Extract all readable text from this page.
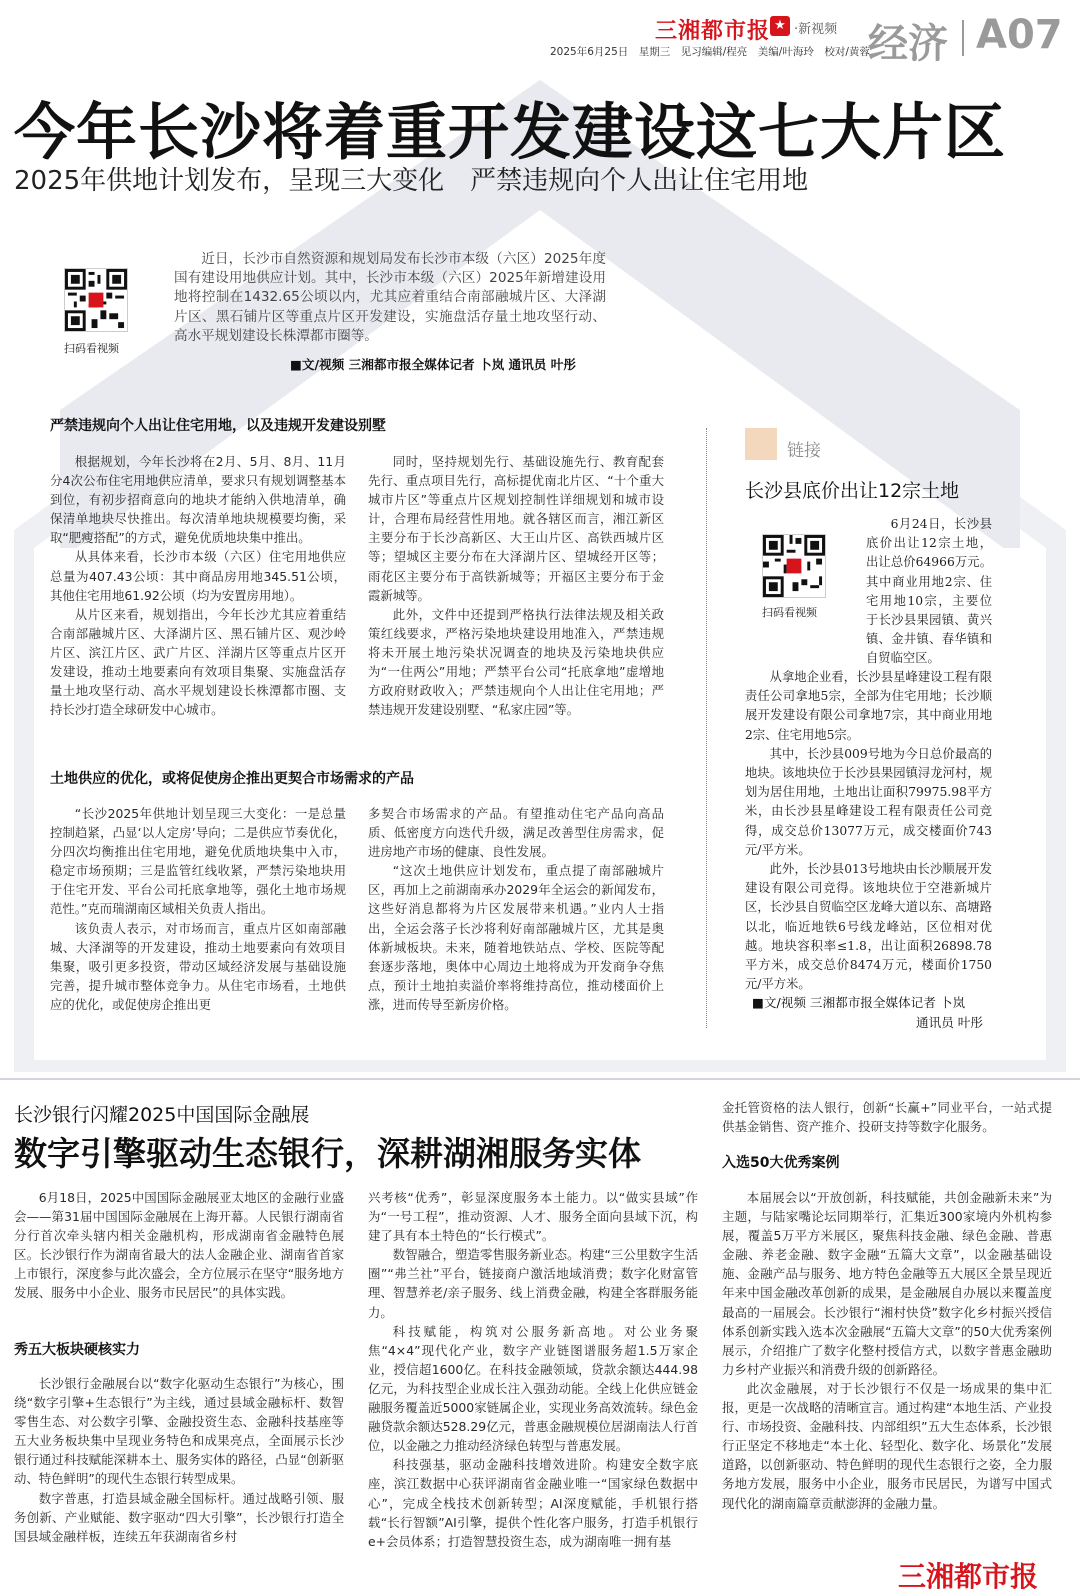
三湘都市报 ★ ·新视频 经济 A07
2025年6月25日　星期三　见习编辑/程亮　美编/叶海玲　校对/黄蓉
今年长沙将着重开发建设这七大片区
2025年供地计划发布，呈现三大变化　严禁违规向个人出让住宅用地
扫码看视频
近日，长沙市自然资源和规划局发布长沙市本级（六区）2025年度国有建设用地供应计划。其中，长沙市本级（六区）2025年新增建设用地将控制在1432.65公顷以内，尤其应着重结合南部融城片区、大泽湖片区、黑石铺片区等重点片区开发建设，实施盘活存量土地攻坚行动、高水平规划建设长株潭都市圈等。
■文/视频 三湘都市报全媒体记者 卜岚 通讯员 叶彤
严禁违规向个人出让住宅用地，以及违规开发建设别墅

根据规划，今年长沙将在2月、5月、8月、11月分4次公布住宅用地供应清单，要求只有规划调整基本到位，有初步招商意向的地块才能纳入供地清单，确保清单地块尽快推出。每次清单地块规模要均衡，采取“肥瘦搭配”的方式，避免优质地块集中推出。

从具体来看，长沙市本级（六区）住宅用地供应总量为407.43公顷：其中商品房用地345.51公顷，其他住宅用地61.92公顷（均为安置房用地）。

从片区来看，规划指出，今年长沙尤其应着重结合南部融城片区、大泽湖片区、黑石铺片区、观沙岭片区、滨江片区、武广片区、洋湖片区等重点片区开发建设，推动土地要素向有效项目集聚、实施盘活存量土地攻坚行动、高水平规划建设长株潭都市圈、支持长沙打造全球研发中心城市。

同时，坚持规划先行、基础设施先行、教育配套先行、重点项目先行，高标提优南北片区、“十个重大城市片区”等重点片区规划控制性详细规划和城市设计，合理布局经营性用地。就各辖区而言，湘江新区主要分布于长沙高新区、大王山片区、高铁西城片区等；望城区主要分布在大泽湖片区、望城经开区等；雨花区主要分布于高铁新城等；开福区主要分布于金霞新城等。

此外，文件中还提到严格执行法律法规及相关政策红线要求，严格污染地块建设用地准入，严禁违规将未开展土地污染状况调查的地块及污染地块供应为“一住两公”用地；严禁平台公司“托底拿地”虚增地方政府财政收入；严禁违规向个人出让住宅用地；严禁违规开发建设别墅、“私家庄园”等。

土地供应的优化，或将促使房企推出更契合市场需求的产品

“长沙2025年供地计划呈现三大变化：一是总量控制趋紧，凸显‘以人定房’导向；二是供应节奏优化，分四次均衡推出住宅用地，避免优质地块集中入市，稳定市场预期；三是监管红线收紧，严禁污染地块用于住宅开发、平台公司托底拿地等，强化土地市场规范性。”克而瑞湖南区域相关负责人指出。

该负责人表示，对市场而言，重点片区如南部融城、大泽湖等的开发建设，推动土地要素向有效项目集聚，吸引更多投资，带动区域经济发展与基础设施完善，提升城市整体竞争力。从住宅市场看，土地供应的优化，或促使房企推出更

多契合市场需求的产品。有望推动住宅产品向高品质、低密度方向迭代升级，满足改善型住房需求，促进房地产市场的健康、良性发展。

“这次土地供应计划发布，重点提了南部融城片区，再加上之前湖南承办2029年全运会的新闻发布，这些好消息都将为片区发展带来机遇。”业内人士指出，全运会落子长沙将利好南部融城片区，尤其是奥体新城板块。未来，随着地铁站点、学校、医院等配套逐步落地，奥体中心周边土地将成为开发商争夺焦点，预计土地拍卖溢价率将维持高位，推动楼面价上涨，进而传导至新房价格。

链接
长沙县底价出让12宗土地
扫码看视频

6月24日，长沙县底价出让12宗土地，出让总价64966万元。其中商业用地2宗、住宅用地10宗，主要位于长沙县果园镇、黄兴镇、金井镇、春华镇和自贸临空区。

从拿地企业看，长沙县星峰建设工程有限责任公司拿地5宗，全部为住宅用地；长沙顺展开发建设有限公司拿地7宗，其中商业用地2宗、住宅用地5宗。

其中，长沙县009号地为今日总价最高的地块。该地块位于长沙县果园镇浔龙河村，规划为居住用地，土地出让面积79975.98平方米，由长沙县星峰建设工程有限责任公司竞得，成交总价13077万元，成交楼面价743元/平方米。

此外，长沙县013号地块由长沙顺展开发建设有限公司竞得。该地块位于空港新城片区，长沙县自贸临空区龙峰大道以东、高塘路以北，临近地铁6号线龙峰站，区位相对优越。地块容积率≤1.8，出让面积26898.78平方米，成交总价8474万元，楼面价1750元/平方米。

■文/视频 三湘都市报全媒体记者 卜岚
通讯员 叶彤
长沙银行闪耀2025中国国际金融展
数字引擎驱动生态银行，深耕湖湘服务实体

6月18日，2025中国国际金融展亚太地区的金融行业盛会——第31届中国国际金融展在上海开幕。人民银行湖南省分行首次牵头辖内相关金融机构，形成湖南省金融特色展区。长沙银行作为湖南省最大的法人金融企业、湖南省首家上市银行，深度参与此次盛会，全方位展示在坚守“服务地方发展、服务中小企业、服务市民居民”的具体实践。

秀五大板块硬核实力

长沙银行金融展台以“数字化驱动生态银行”为核心，围绕“数字引擎+生态银行”为主线，通过县域金融标杆、数智零售生态、对公数字引擎、金融投资生态、金融科技基座等五大业务板块集中呈现业务特色和成果亮点，全面展示长沙银行通过科技赋能深耕本土、服务实体的路径，凸显“创新驱动、特色鲜明”的现代生态银行转型成果。

数字普惠，打造县域金融全国标杆。通过战略引领、服务创新、产业赋能、数字驱动“四大引擎”，长沙银行打造全国县域金融样板，连续五年获湖南省乡村

兴考核“优秀”，彰显深度服务本土能力。以“做实县域”作为“一号工程”，推动资源、人才、服务全面向县域下沉，构建了具有本土特色的“长行模式”。

数智融合，塑造零售服务新业态。构建“三公里数字生活圈”“弗兰社”平台，链接商户激活地域消费；数字化财富管理、智慧养老/亲子服务、线上消费金融，构建全客群服务能力。

科技赋能，构筑对公服务新高地。对公业务聚焦“4×4”现代化产业，数字产业链图谱服务超1.5万家企业，授信超1600亿。在科技金融领域，贷款余额达444.98亿元，为科技型企业成长注入强劲动能。全线上化供应链金融服务覆盖近5000家链属企业，实现业务高效流转。绿色金融贷款余额达528.29亿元，普惠金融规模位居湖南法人行首位，以金融之力推动经济绿色转型与普惠发展。

科技强基，驱动金融科技增效进阶。构建安全数字底座，滨江数据中心获评湖南省金融业唯一“国家绿色数据中心”，完成全栈技术创新转型；AI深度赋能，手机银行搭载“长行智额”AI引擎，提供个性化客户服务，打造手机银行e+会员体系；打造智慧投资生态，成为湖南唯一拥有基

金托管资格的法人银行，创新“长赢+”同业平台，一站式提供基金销售、资产推介、投研支持等数字化服务。

入选50大优秀案例

本届展会以“开放创新，科技赋能，共创金融新未来”为主题，与陆家嘴论坛同期举行，汇集近300家境内外机构参展，覆盖5万平方米展区，聚焦科技金融、绿色金融、普惠金融、养老金融、数字金融“五篇大文章”，以金融基础设施、金融产品与服务、地方特色金融等五大展区全景呈现近年来中国金融改革创新的成果，是金融展自办展以来覆盖度最高的一届展会。长沙银行“湘村快贷”数字化乡村振兴授信体系创新实践入选本次金融展“五篇大文章”的50大优秀案例展示，介绍推广了数字化整村授信方式，以数字普惠金融助力乡村产业振兴和消费升级的创新路径。

此次金融展，对于长沙银行不仅是一场成果的集中汇报，更是一次战略的清晰宣言。通过构建“本地生活、产业投行、市场投资、金融科技、内部组织”五大生态体系，长沙银行正坚定不移地走“本土化、轻型化、数字化、场景化”发展道路，以创新驱动、特色鲜明的现代生态银行之姿，全力服务地方发展，服务中小企业，服务市民居民，为谱写中国式现代化的湖南篇章贡献澎湃的金融力量。

三湘都市报
